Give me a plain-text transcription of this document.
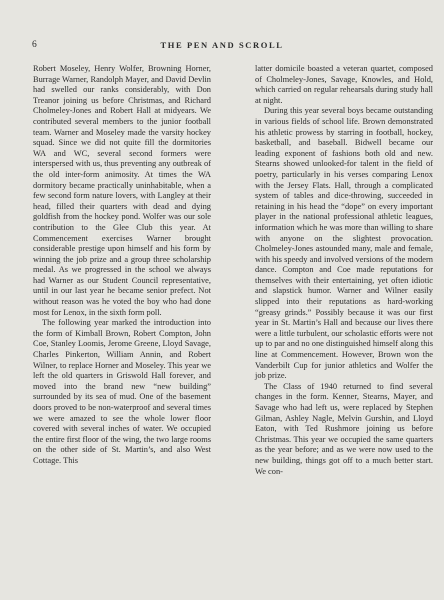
6	THE PEN AND SCROLL

Robert Moseley, Henry Wolfer, Browning Horner, Burrage Warner, Randolph Mayer, and David Devlin had swelled our ranks considerably, with Don Treanor joining us before Christmas, and Richard Cholmeley-Jones and Robert Hall at midyears. We contributed several members to the junior football team. Warner and Moseley made the varsity hockey squad. Since we did not quite fill the dormitories WA and WC, several second formers were interspersed with us, thus preventing any outbreak of the old inter-form animosity. At times the WA dormitory became practically uninhabitable, when a few second form nature lovers, with Langley at their head, filled their quarters with dead and dying goldfish from the hockey pond. Wolfer was our sole contribution to the Glee Club this year. At Commencement exercises Warner brought considerable prestige upon himself and his form by winning the job prize and a group three scholarship medal. As we progressed in the school we always had Warner as our Student Council representative, until in our last year he became senior prefect. Not without reason was he voted the boy who had done most for Lenox, in the sixth form poll.

The following year marked the introduction into the form of Kimball Brown, Robert Compton, John Coe, Stanley Loomis, Jerome Greene, Lloyd Savage, Charles Pinkerton, William Annin, and Robert Wilner, to replace Horner and Moseley. This year we left the old quarters in Griswold Hall forever, and moved into the brand new “new building” surrounded by its sea of mud. One of the basement doors proved to be non-waterproof and several times we were amazed to see the whole lower floor covered with several inches of water. We occupied the entire first floor of the wing, the two large rooms on the other side of St. Martin’s, and also West Cottage. This

latter domicile boasted a veteran quartet, composed of Cholmeley-Jones, Savage, Knowles, and Hold, which carried on regular rehearsals during study hall at night.

During this year several boys became outstanding in various fields of school life. Brown demonstrated his athletic prowess by starring in football, hockey, basketball, and baseball. Bidwell became our leading exponent of fashions both old and new. Stearns showed unlooked-for talent in the field of poetry, particularly in his verses comparing Lenox with the Jersey Flats. Hall, through a complicated system of tables and dice-throwing, succeeded in retaining in his head the “dope” on every important player in the national professional athletic leagues, information which he was more than willing to share with anyone on the slightest provocation. Cholmeley-Jones astounded many, male and female, with his speedy and involved versions of the modern dance. Compton and Coe made reputations for themselves with their entertaining, yet often idiotic and slapstick humor. Warner and Wilner easily slipped into their reputations as hard-working “greasy grinds.” Possibly because it was our first year in St. Martin’s Hall and because our lives there were a little turbulent, our scholastic efforts were not up to par and no one distinguished himself along this line at Commencement. However, Brown won the Vanderbilt Cup for junior athletics and Wolfer the job prize.

The Class of 1940 returned to find several changes in the form. Kenner, Stearns, Mayer, and Savage who had left us, were replaced by Stephen Gilman, Ashley Nagle, Melvin Gurshin, and Lloyd Eaton, with Ted Rushmore joining us before Christmas. This year we occupied the same quarters as the year before; and as we were now used to the new building, things got off to a much better start. We con-
